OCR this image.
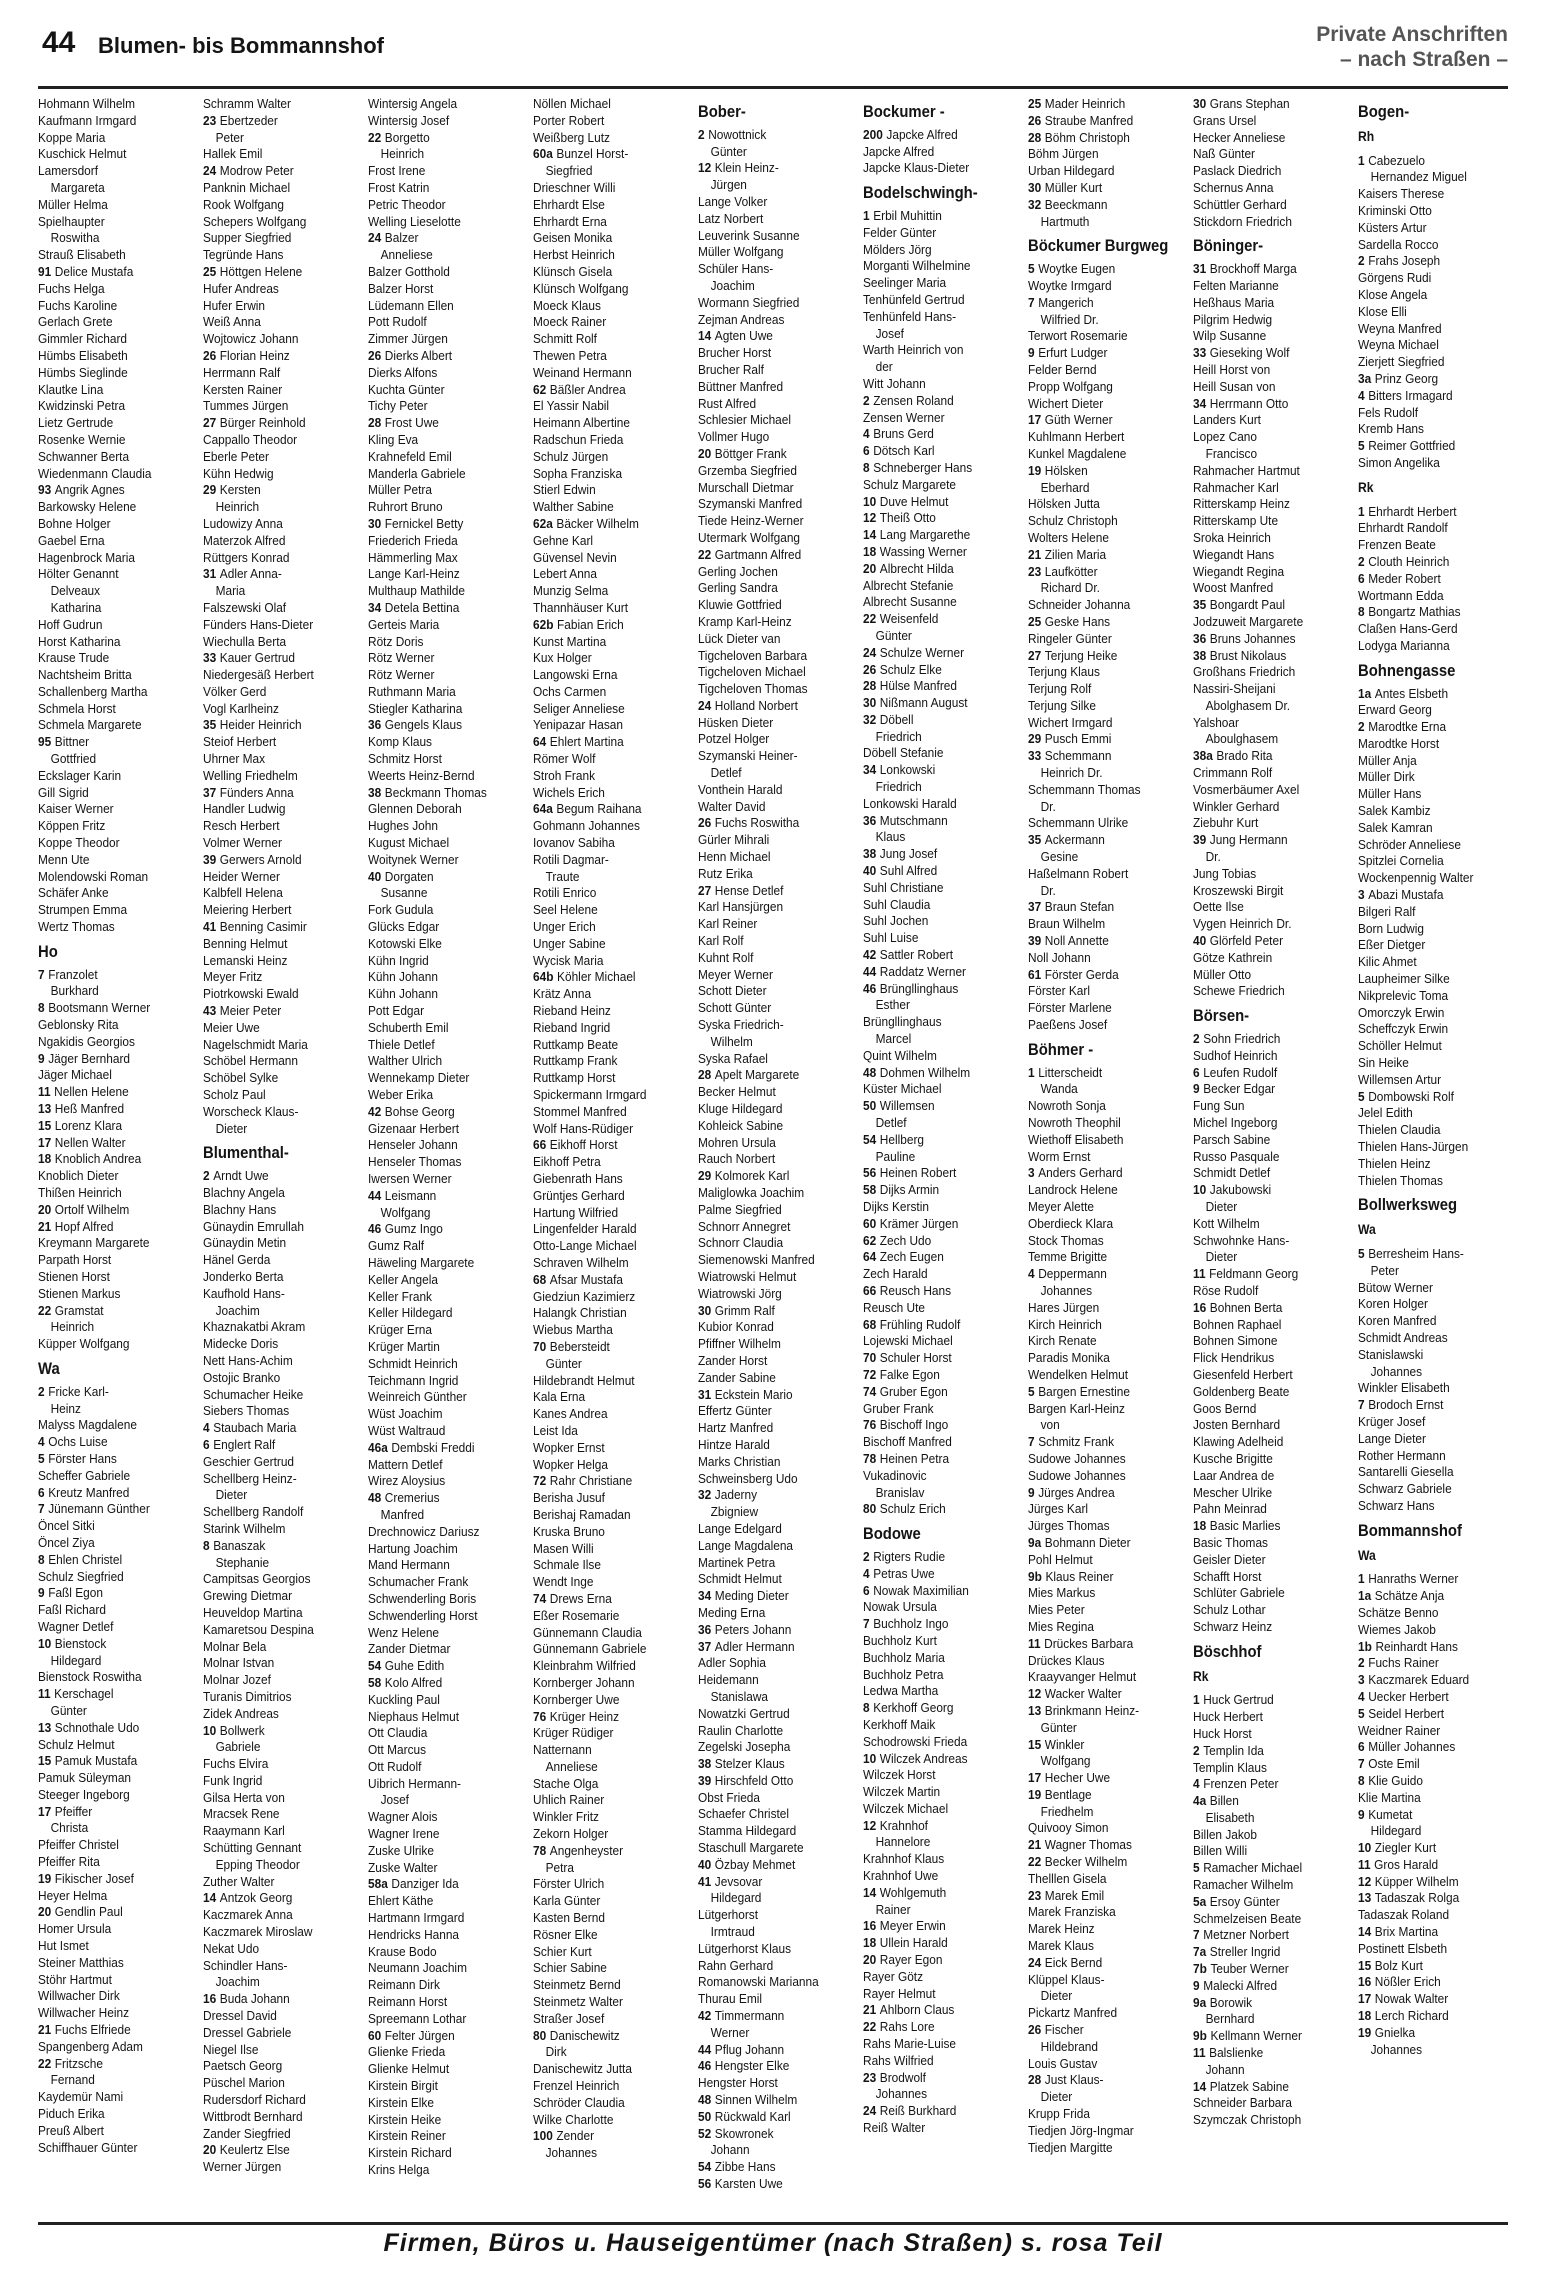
44 Blumen- bis Bommannshof	Private Anschriften
– nach Straßen –
Hohmann Wilhelm
Kaufmann Irmgard
Koppe Maria
Kuschick Helmut
Lamersdorf
Margareta
Müller Helma
Spielhaupter
Roswitha
Strauß Elisabeth
91 Delice Mustafa
Fuchs Helga
Fuchs Karoline
Gerlach Grete
Gimmler Richard
Hümbs Elisabeth
Hümbs Sieglinde
Klautke Lina
Kwidzinski Petra
Lietz Gertrude
Rosenke Wernie
Schwanner Berta
Wiedenmann Claudia
93 Angrik Agnes
Barkowsky Helene
Bohne Holger
Gaebel Erna
Hagenbrock Maria
Hölter Genannt
Delveaux
Katharina
Hoff Gudrun
Horst Katharina
Krause Trude
Nachtsheim Britta
Schallenberg Martha
Schmela Horst
Schmela Margarete
95 Bittner
Gottfried
Eckslager Karin
Gill Sigrid
Kaiser Werner
Köppen Fritz
Koppe Theodor
Menn Ute
Molendowski Roman
Schäfer Anke
Strumpen Emma
Wertz Thomas
Ho
7 Franzolet
Burkhard
8 Bootsmann Werner
Geblonsky Rita
Ngakidis Georgios
9 Jäger Bernhard
Jäger Michael
11 Nellen Helene
13 Heß Manfred
15 Lorenz Klara
17 Nellen Walter
18 Knoblich Andrea
Knoblich Dieter
Thißen Heinrich
20 Ortolf Wilhelm
21 Hopf Alfred
Kreymann Margarete
Parpath Horst
Stienen Horst
Stienen Markus
22 Gramstat
Heinrich
Küpper Wolfgang
Wa
2 Fricke Karl-
Heinz
Malyss Magdalene
4 Ochs Luise
5 Förster Hans
Scheffer Gabriele
6 Kreutz Manfred
7 Jünemann Günther
Öncel Sitki
Öncel Ziya
8 Ehlen Christel
Schulz Siegfried
9 Faßl Egon
Faßl Richard
Wagner Detlef
10 Bienstock
Hildegard
Bienstock Roswitha
11 Kerschagel
Günter
13 Schnothale Udo
Schulz Helmut
15 Pamuk Mustafa
Pamuk Süleyman
Steeger Ingeborg
17 Pfeiffer
Christa
Pfeiffer Christel
Pfeiffer Rita
19 Fikischer Josef
Heyer Helma
20 Gendlin Paul
Homer Ursula
Hut Ismet
Steiner Matthias
Stöhr Hartmut
Willwacher Dirk
Willwacher Heinz
21 Fuchs Elfriede
Spangenberg Adam
22 Fritzsche
Fernand
Kaydemür Nami
Piduch Erika
Preuß Albert
Schiffhauer Günter
Schramm Walter
23 Ebertzeder
Peter
Hallek Emil
24 Modrow Peter
Panknin Michael
Rook Wolfgang
Schepers Wolfgang
Supper Siegfried
Tegründe Hans
25 Höttgen Helene
Hufer Andreas
Hufer Erwin
Weiß Anna
Wojtowicz Johann
26 Florian Heinz
Herrmann Ralf
Kersten Rainer
Tummes Jürgen
27 Bürger Reinhold
Cappallo Theodor
Eberle Peter
Kühn Hedwig
29 Kersten
Heinrich
Ludowizy Anna
Materzok Alfred
Rüttgers Konrad
31 Adler Anna-
Maria
Falszewski Olaf
Fünders Hans-Dieter
Wiechulla Berta
33 Kauer Gertrud
Niedergesäß Herbert
Völker Gerd
Vogl Karlheinz
35 Heider Heinrich
Steiof Herbert
Uhrner Max
Welling Friedhelm
37 Fünders Anna
Handler Ludwig
Resch Herbert
Volmer Werner
39 Gerwers Arnold
Heider Werner
Kalbfell Helena
Meiering Herbert
41 Benning Casimir
Benning Helmut
Lemanski Heinz
Meyer Fritz
Piotrkowski Ewald
43 Meier Peter
Meier Uwe
Nagelschmidt Maria
Schöbel Hermann
Schöbel Sylke
Scholz Paul
Worscheck Klaus-
Dieter
Blumenthal-
2 Arndt Uwe
Blachny Angela
Blachny Hans
Günaydin Emrullah
Günaydin Metin
Hänel Gerda
Jonderko Berta
Kaufhold Hans-
Joachim
Khaznakatbi Akram
Midecke Doris
Nett Hans-Achim
Ostojic Branko
Schumacher Heike
Siebers Thomas
4 Staubach Maria
6 Englert Ralf
Geschier Gertrud
Schellberg Heinz-
Dieter
Schellberg Randolf
Starink Wilhelm
8 Banaszak
Stephanie
Campitsas Georgios
Grewing Dietmar
Heuveldop Martina
Kamaretsou Despina
Molnar Bela
Molnar Istvan
Molnar Jozef
Turanis Dimitrios
Zidek Andreas
10 Bollwerk
Gabriele
Fuchs Elvira
Funk Ingrid
Gilsa Herta von
Mracsek Rene
Raaymann Karl
Schütting Gennant
Epping Theodor
Zuther Walter
14 Antzok Georg
Kaczmarek Anna
Kaczmarek Miroslaw
Nekat Udo
Schindler Hans-
Joachim
16 Buda Johann
Dressel David
Dressel Gabriele
Niegel Ilse
Paetsch Georg
Püschel Marion
Rudersdorf Richard
Wittbrodt Bernhard
Zander Siegfried
20 Keulertz Else
Werner Jürgen
Wintersig Angela
Wintersig Josef
22 Borgetto
Heinrich
Frost Irene
Frost Katrin
Petric Theodor
Welling Lieselotte
24 Balzer
Anneliese
Balzer Gotthold
Balzer Horst
Lüdemann Ellen
Pott Rudolf
Zimmer Jürgen
26 Dierks Albert
Dierks Alfons
Kuchta Günter
Tichy Peter
28 Frost Uwe
Kling Eva
Krahnefeld Emil
Manderla Gabriele
Müller Petra
Ruhrort Bruno
30 Fernickel Betty
Friederich Frieda
Hämmerling Max
Lange Karl-Heinz
Multhaup Mathilde
34 Detela Bettina
Gerteis Maria
Rötz Doris
Rötz Werner
Rötz Werner
Ruthmann Maria
Stiegler Katharina
36 Gengels Klaus
Komp Klaus
Schmitz Horst
Weerts Heinz-Bernd
38 Beckmann Thomas
Glennen Deborah
Hughes John
Kugust Michael
Woitynek Werner
40 Dorgaten
Susanne
Fork Gudula
Glücks Edgar
Kotowski Elke
Kühn Ingrid
Kühn Johann
Kühn Johann
Pott Edgar
Schuberth Emil
Thiele Detlef
Walther Ulrich
Wennekamp Dieter
Weber Erika
42 Bohse Georg
Gizenaar Herbert
Henseler Johann
Henseler Thomas
Iwersen Werner
44 Leismann
Wolfgang
46 Gumz Ingo
Gumz Ralf
Häweling Margarete
Keller Angela
Keller Frank
Keller Hildegard
Krüger Erna
Krüger Martin
Schmidt Heinrich
Teichmann Ingrid
Weinreich Günther
Wüst Joachim
Wüst Waltraud
46a Dembski Freddi
Mattern Detlef
Wirez Aloysius
48 Cremerius
Manfred
Drechnowicz Dariusz
Hartung Joachim
Mand Hermann
Schumacher Frank
Schwenderling Boris
Schwenderling Horst
Wenz Helene
Zander Dietmar
54 Guhe Edith
58 Kolo Alfred
Kuckling Paul
Niephaus Helmut
Ott Claudia
Ott Marcus
Ott Rudolf
Uibrich Hermann-
Josef
Wagner Alois
Wagner Irene
Zuske Ulrike
Zuske Walter
58a Danziger Ida
Ehlert Käthe
Hartmann Irmgard
Hendricks Hanna
Krause Bodo
Neumann Joachim
Reimann Dirk
Reimann Horst
Spreemann Lothar
60 Felter Jürgen
Glienke Frieda
Glienke Helmut
Kirstein Birgit
Kirstein Elke
Kirstein Heike
Kirstein Reiner
Kirstein Richard
Krins Helga
Nöllen Michael
Porter Robert
Weißberg Lutz
60a Bunzel Horst-
Siegfried
Drieschner Willi
Ehrhardt Else
Ehrhardt Erna
Geisen Monika
Herbst Heinrich
Klünsch Gisela
Klünsch Wolfgang
Moeck Klaus
Moeck Rainer
Schmitt Rolf
Thewen Petra
Weinand Hermann
62 Bäßler Andrea
El Yassir Nabil
Heimann Albertine
Radschun Frieda
Schulz Jürgen
Sopha Franziska
Stierl Edwin
Walther Sabine
62a Bäcker Wilhelm
Gehne Karl
Güvensel Nevin
Lebert Anna
Munzig Selma
Thannhäuser Kurt
62b Fabian Erich
Kunst Martina
Kux Holger
Langowski Erna
Ochs Carmen
Seliger Anneliese
Yenipazar Hasan
64 Ehlert Martina
Römer Wolf
Stroh Frank
Wichels Erich
64a Begum Raihana
Gohmann Johannes
Iovanov Sabiha
Rotili Dagmar-
Traute
Rotili Enrico
Seel Helene
Unger Erich
Unger Sabine
Wycisk Maria
64b Köhler Michael
Krätz Anna
Rieband Heinz
Rieband Ingrid
Ruttkamp Beate
Ruttkamp Frank
Ruttkamp Horst
Spickermann Irmgard
Stommel Manfred
Wolf Hans-Rüdiger
66 Eikhoff Horst
Eikhoff Petra
Giebenrath Hans
Grüntjes Gerhard
Hartung Wilfried
Lingenfelder Harald
Otto-Lange Michael
Schraven Wilhelm
68 Afsar Mustafa
Giedziun Kazimierz
Halangk Christian
Wiebus Martha
70 Bebersteidt
Günter
Hildebrandt Helmut
Kala Erna
Kanes Andrea
Leist Ida
Wopker Ernst
Wopker Helga
72 Rahr Christiane
Berisha Jusuf
Berishaj Ramadan
Kruska Bruno
Masen Willi
Schmale Ilse
Wendt Inge
74 Drews Erna
Eßer Rosemarie
Günnemann Claudia
Günnemann Gabriele
Kleinbrahm Wilfried
Kornberger Johann
Kornberger Uwe
76 Krüger Heinz
Krüger Rüdiger
Natternann
Anneliese
Stache Olga
Uhlich Rainer
Winkler Fritz
Zekorn Holger
78 Angenheyster
Petra
Förster Ulrich
Karla Günter
Kasten Bernd
Rösner Elke
Schier Kurt
Schier Sabine
Steinmetz Bernd
Steinmetz Walter
Straßer Josef
80 Danischewitz
Dirk
Danischewitz Jutta
Frenzel Heinrich
Schröder Claudia
Wilke Charlotte
100 Zender
Johannes
Bober-
2 Nowottnick
Günter
12 Klein Heinz-
Jürgen
Lange Volker
Latz Norbert
Leuverink Susanne
Müller Wolfgang
Schüler Hans-
Joachim
Wormann Siegfried
Zejman Andreas
14 Agten Uwe
Brucher Horst
Brucher Ralf
Büttner Manfred
Rust Alfred
Schlesier Michael
Vollmer Hugo
20 Böttger Frank
Grzemba Siegfried
Murschall Dietmar
Szymanski Manfred
Tiede Heinz-Werner
Utermark Wolfgang
22 Gartmann Alfred
Gerling Jochen
Gerling Sandra
Kluwie Gottfried
Kramp Karl-Heinz
Lück Dieter van
Tigcheloven Barbara
Tigcheloven Michael
Tigcheloven Thomas
24 Holland Norbert
Hüsken Dieter
Potzel Holger
Szymanski Heiner-
Detlef
Vonthein Harald
Walter David
26 Fuchs Roswitha
Gürler Mihrali
Henn Michael
Rutz Erika
27 Hense Detlef
Karl Hansjürgen
Karl Reiner
Karl Rolf
Kuhnt Rolf
Meyer Werner
Schott Dieter
Schott Günter
Syska Friedrich-
Wilhelm
Syska Rafael
28 Apelt Margarete
Becker Helmut
Kluge Hildegard
Kohleick Sabine
Mohren Ursula
Rauch Norbert
29 Kolmorek Karl
Maliglowka Joachim
Palme Siegfried
Schnorr Annegret
Schnorr Claudia
Siemenowski Manfred
Wiatrowski Helmut
Wiatrowski Jörg
30 Grimm Ralf
Kubior Konrad
Pfiffner Wilhelm
Zander Horst
Zander Sabine
31 Eckstein Mario
Effertz Günter
Hartz Manfred
Hintze Harald
Marks Christian
Schweinsberg Udo
32 Jaderny
Zbigniew
Lange Edelgard
Lange Magdalena
Martinek Petra
Schmidt Helmut
34 Meding Dieter
Meding Erna
36 Peters Johann
37 Adler Hermann
Adler Sophia
Heidemann
Stanislawa
Nowatzki Gertrud
Raulin Charlotte
Zegelski Josepha
38 Stelzer Klaus
39 Hirschfeld Otto
Obst Frieda
Schaefer Christel
Stamma Hildegard
Staschull Margarete
40 Özbay Mehmet
41 Jevsovar
Hildegard
Lütgerhorst
Irmtraud
Lütgerhorst Klaus
Rahn Gerhard
Romanowski Marianna
Thurau Emil
42 Timmermann
Werner
44 Pflug Johann
46 Hengster Elke
Hengster Horst
48 Sinnen Wilhelm
50 Rückwald Karl
52 Skowronek
Johann
54 Zibbe Hans
56 Karsten Uwe
Bockumer -
200 Japcke Alfred
Japcke Alfred
Japcke Klaus-Dieter
Bodelschwingh-
1 Erbil Muhittin
Felder Günter
Mölders Jörg
Morganti Wilhelmine
Seelinger Maria
Tenhünfeld Gertrud
Tenhünfeld Hans-
Josef
Warth Heinrich von
der
Witt Johann
2 Zensen Roland
Zensen Werner
4 Bruns Gerd
6 Dötsch Karl
8 Schneberger Hans
Schulz Margarete
10 Duve Helmut
12 Theiß Otto
14 Lang Margarethe
18 Wassing Werner
20 Albrecht Hilda
Albrecht Stefanie
Albrecht Susanne
22 Weisenfeld
Günter
24 Schulze Werner
26 Schulz Elke
28 Hülse Manfred
30 Nißmann August
32 Döbell
Friedrich
Döbell Stefanie
34 Lonkowski
Friedrich
Lonkowski Harald
36 Mutschmann
Klaus
38 Jung Josef
40 Suhl Alfred
Suhl Christiane
Suhl Claudia
Suhl Jochen
Suhl Luise
42 Sattler Robert
44 Raddatz Werner
46 Brüngllinghaus
Esther
Brüngllinghaus
Marcel
Quint Wilhelm
48 Dohmen Wilhelm
Küster Michael
50 Willemsen
Detlef
54 Hellberg
Pauline
56 Heinen Robert
58 Dijks Armin
Dijks Kerstin
60 Krämer Jürgen
62 Zech Udo
64 Zech Eugen
Zech Harald
66 Reusch Hans
Reusch Ute
68 Frühling Rudolf
Lojewski Michael
70 Schuler Horst
72 Falke Egon
74 Gruber Egon
Gruber Frank
76 Bischoff Ingo
Bischoff Manfred
78 Heinen Petra
Vukadinovic
Branislav
80 Schulz Erich
Bodowe
2 Rigters Rudie
4 Petras Uwe
6 Nowak Maximilian
Nowak Ursula
7 Buchholz Ingo
Buchholz Kurt
Buchholz Maria
Buchholz Petra
Ledwa Martha
8 Kerkhoff Georg
Kerkhoff Maik
Schodrowski Frieda
10 Wilczek Andreas
Wilczek Horst
Wilczek Martin
Wilczek Michael
12 Krahnhof
Hannelore
Krahnhof Klaus
Krahnhof Uwe
14 Wohlgemuth
Rainer
16 Meyer Erwin
18 Ullein Harald
20 Rayer Egon
Rayer Götz
Rayer Helmut
21 Ahlborn Claus
22 Rahs Lore
Rahs Marie-Luise
Rahs Wilfried
23 Brodwolf
Johannes
24 Reiß Burkhard
Reiß Walter
25 Mader Heinrich
26 Straube Manfred
28 Böhm Christoph
Böhm Jürgen
Urban Hildegard
30 Müller Kurt
32 Beeckmann
Hartmuth
Böckumer Burgweg
5 Woytke Eugen
Woytke Irmgard
7 Mangerich
Wilfried Dr.
Terwort Rosemarie
9 Erfurt Ludger
Felder Bernd
Propp Wolfgang
Wichert Dieter
17 Güth Werner
Kuhlmann Herbert
Kunkel Magdalene
19 Hölsken
Eberhard
Hölsken Jutta
Schulz Christoph
Wolters Helene
21 Zilien Maria
23 Laufkötter
Richard Dr.
Schneider Johanna
25 Geske Hans
Ringeler Günter
27 Terjung Heike
Terjung Klaus
Terjung Rolf
Terjung Silke
Wichert Irmgard
29 Pusch Emmi
33 Schemmann
Heinrich Dr.
Schemmann Thomas
Dr.
Schemmann Ulrike
35 Ackermann
Gesine
Haßelmann Robert
Dr.
37 Braun Stefan
Braun Wilhelm
39 Noll Annette
Noll Johann
61 Förster Gerda
Förster Karl
Förster Marlene
Paeßens Josef
Böhmer -
1 Litterscheidt
Wanda
Nowroth Sonja
Nowroth Theophil
Wiethoff Elisabeth
Worm Ernst
3 Anders Gerhard
Landrock Helene
Meyer Alette
Oberdieck Klara
Stock Thomas
Temme Brigitte
4 Deppermann
Johannes
Hares Jürgen
Kirch Heinrich
Kirch Renate
Paradis Monika
Wendelken Helmut
5 Bargen Ernestine
Bargen Karl-Heinz
von
7 Schmitz Frank
Sudowe Johannes
Sudowe Johannes
9 Jürges Andrea
Jürges Karl
Jürges Thomas
9a Bohmann Dieter
Pohl Helmut
9b Klaus Reiner
Mies Markus
Mies Peter
Mies Regina
11 Drückes Barbara
Drückes Klaus
Kraayvanger Helmut
12 Wacker Walter
13 Brinkmann Heinz-
Günter
15 Winkler
Wolfgang
17 Hecher Uwe
19 Bentlage
Friedhelm
Quivooy Simon
21 Wagner Thomas
22 Becker Wilhelm
Thelllen Gisela
23 Marek Emil
Marek Franziska
Marek Heinz
Marek Klaus
24 Eick Bernd
Klüppel Klaus-
Dieter
Pickartz Manfred
26 Fischer
Hildebrand
Louis Gustav
28 Just Klaus-
Dieter
Krupp Frida
Tiedjen Jörg-Ingmar
Tiedjen Margitte
30 Grans Stephan
Grans Ursel
Hecker Anneliese
Naß Günter
Paslack Diedrich
Schernus Anna
Schüttler Gerhard
Stickdorn Friedrich
Böninger-
31 Brockhoff Marga
Felten Marianne
Heßhaus Maria
Pilgrim Hedwig
Wilp Susanne
33 Gieseking Wolf
Heill Horst von
Heill Susan von
34 Herrmann Otto
Landers Kurt
Lopez Cano
Francisco
Rahmacher Hartmut
Rahmacher Karl
Ritterskamp Heinz
Ritterskamp Ute
Sroka Heinrich
Wiegandt Hans
Wiegandt Regina
Woost Manfred
35 Bongardt Paul
Jodzuweit Margarete
36 Bruns Johannes
38 Brust Nikolaus
Großhans Friedrich
Nassiri-Sheijani
Abolghasem Dr.
Yalshoar
Aboulghasem
38a Brado Rita
Crimmann Rolf
Vosmerbäumer Axel
Winkler Gerhard
Ziebuhr Kurt
39 Jung Hermann
Dr.
Jung Tobias
Kroszewski Birgit
Oette Ilse
Vygen Heinrich Dr.
40 Glörfeld Peter
Götze Kathrein
Müller Otto
Schewe Friedrich
Börsen-
2 Sohn Friedrich
Sudhof Heinrich
6 Leufen Rudolf
9 Becker Edgar
Fung Sun
Michel Ingeborg
Parsch Sabine
Russo Pasquale
Schmidt Detlef
10 Jakubowski
Dieter
Kott Wilhelm
Schwohnke Hans-
Dieter
11 Feldmann Georg
Röse Rudolf
16 Bohnen Berta
Bohnen Raphael
Bohnen Simone
Flick Hendrikus
Giesenfeld Herbert
Goldenberg Beate
Goos Bernd
Josten Bernhard
Klawing Adelheid
Kusche Brigitte
Laar Andrea de
Mescher Ulrike
Pahn Meinrad
18 Basic Marlies
Basic Thomas
Geisler Dieter
Schafft Horst
Schlüter Gabriele
Schulz Lothar
Schwarz Heinz
Böschhof
Rk
1 Huck Gertrud
Huck Herbert
Huck Horst
2 Templin Ida
Templin Klaus
4 Frenzen Peter
4a Billen
Elisabeth
Billen Jakob
Billen Willi
5 Ramacher Michael
Ramacher Wilhelm
5a Ersoy Günter
Schmelzeisen Beate
7 Metzner Norbert
7a Streller Ingrid
7b Teuber Werner
9 Malecki Alfred
9a Borowik
Bernhard
9b Kellmann Werner
11 Balslienke
Johann
14 Platzek Sabine
Schneider Barbara
Szymczak Christoph
Bogen-
Rh
1 Cabezuelo
Hernandez Miguel
Kaisers Therese
Kriminski Otto
Küsters Artur
Sardella Rocco
2 Frahs Joseph
Görgens Rudi
Klose Angela
Klose Elli
Weyna Manfred
Weyna Michael
Zierjett Siegfried
3a Prinz Georg
4 Bitters Irmagard
Fels Rudolf
Kremb Hans
5 Reimer Gottfried
Simon Angelika
Rk
1 Ehrhardt Herbert
Ehrhardt Randolf
Frenzen Beate
2 Clouth Heinrich
6 Meder Robert
Wortmann Edda
8 Bongartz Mathias
Claßen Hans-Gerd
Lodyga Marianna
Bohnengasse
1a Antes Elsbeth
Erward Georg
2 Marodtke Erna
Marodtke Horst
Müller Anja
Müller Dirk
Müller Hans
Salek Kambiz
Salek Kamran
Schröder Anneliese
Spitzlei Cornelia
Wockenpennig Walter
3 Abazi Mustafa
Bilgeri Ralf
Born Ludwig
Eßer Dietger
Kilic Ahmet
Laupheimer Silke
Nikprelevic Toma
Omorczyk Erwin
Scheffczyk Erwin
Schöller Helmut
Sin Heike
Willemsen Artur
5 Dombowski Rolf
Jelel Edith
Thielen Claudia
Thielen Hans-Jürgen
Thielen Heinz
Thielen Thomas
Bollwerksweg
Wa
5 Berresheim Hans-
Peter
Bütow Werner
Koren Holger
Koren Manfred
Schmidt Andreas
Stanislawski
Johannes
Winkler Elisabeth
7 Brodoch Ernst
Krüger Josef
Lange Dieter
Rother Hermann
Santarelli Giesella
Schwarz Gabriele
Schwarz Hans
Bommannshof
Wa
1 Hanraths Werner
1a Schätze Anja
Schätze Benno
Wiemes Jakob
1b Reinhardt Hans
2 Fuchs Rainer
3 Kaczmarek Eduard
4 Uecker Herbert
5 Seidel Herbert
Weidner Rainer
6 Müller Johannes
7 Oste Emil
8 Klie Guido
Klie Martina
9 Kumetat
Hildegard
10 Ziegler Kurt
11 Gros Harald
12 Küpper Wilhelm
13 Tadaszak Rolga
Tadaszak Roland
14 Brix Martina
Postinett Elsbeth
15 Bolz Kurt
16 Nößler Erich
17 Nowak Walter
18 Lerch Richard
19 Gnielka
Johannes
Firmen, Büros u. Hauseigentümer (nach Straßen) s. rosa Teil
